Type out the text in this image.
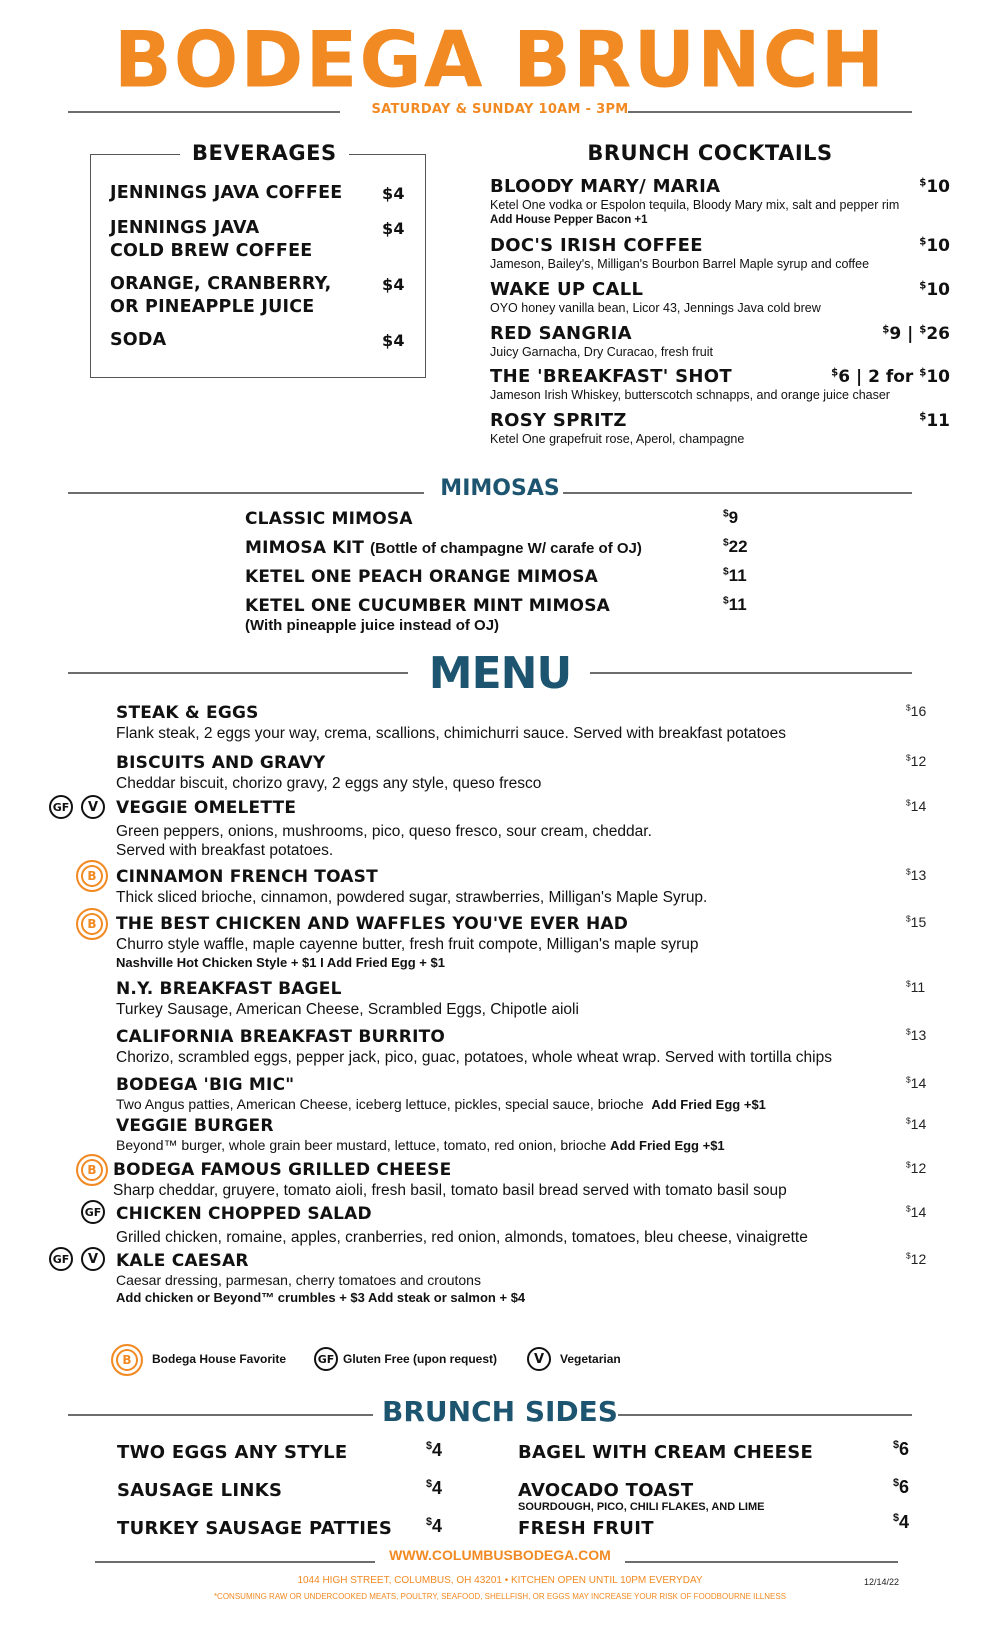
BODEGA BRUNCH
SATURDAY & SUNDAY 10AM - 3PM
BEVERAGES
JENNINGS JAVA COFFEE $4
JENNINGS JAVA COLD BREW COFFEE
$4
ORANGE, CRANBERRY, OR PINEAPPLE JUICE
$4
SODA	$4
BRUNCH COCKTAILS
BLOODY MARY/ MARIA	$10
Ketel One vodka or Espolon tequila, Bloody Mary mix, salt and pepper rim
Add House Pepper Bacon +1
DOC'S IRISH COFFEE	$10
Jameson, Bailey's, Milligan's Bourbon Barrel Maple syrup and coffee
WAKE UP CALL	$10
OYO honey vanilla bean, Licor 43, Jennings Java cold brew
RED SANGRIA	$9 | $26
Juicy Garnacha, Dry Curacao, fresh fruit
THE 'BREAKFAST' SHOT	$6 | 2 for $10
Jameson Irish Whiskey, butterscotch schnapps, and orange juice chaser
ROSY SPRITZ	$11
Ketel One grapefruit rose, Aperol, champagne
MIMOSAS
CLASSIC MIMOSA	$9
MIMOSA KIT (Bottle of champagne W/ carafe of OJ)	$22
KETEL ONE PEACH ORANGE MIMOSA	$11
KETEL ONE CUCUMBER MINT MIMOSA	$11
(With pineapple juice instead of OJ)
MENU
STEAK & EGGS	$16
Flank steak, 2 eggs your way, crema, scallions, chimichurri sauce. Served with breakfast potatoes
BISCUITS AND GRAVY	$12
Cheddar biscuit, chorizo gravy, 2 eggs any style, queso fresco
GF	V	VEGGIE OMELETTE	$14
Green peppers, onions, mushrooms, pico, queso fresco, sour cream, cheddar.
Served with breakfast potatoes.
B	CINNAMON FRENCH TOAST	$13
Thick sliced brioche, cinnamon, powdered sugar, strawberries, Milligan's Maple Syrup.
B	THE BEST CHICKEN AND WAFFLES YOU'VE EVER HAD	$15
Churro style waffle, maple cayenne butter, fresh fruit compote, Milligan's maple syrup
Nashville Hot Chicken Style + $1 I Add Fried Egg + $1
N.Y. BREAKFAST BAGEL	$11
Turkey Sausage, American Cheese, Scrambled Eggs, Chipotle aioli
CALIFORNIA BREAKFAST BURRITO	$13
Chorizo, scrambled eggs, pepper jack, pico, guac, potatoes, whole wheat wrap. Served with tortilla chips
BODEGA 'BIG MIC"	$14
Two Angus patties, American Cheese, iceberg lettuce, pickles, special sauce, brioche Add Fried Egg +$1
VEGGIE BURGER	$14
Beyond™ burger, whole grain beer mustard, lettuce, tomato, red onion, brioche Add Fried Egg +$1
B BODEGA FAMOUS GRILLED CHEESE	$12
Sharp cheddar, gruyere, tomato aioli, fresh basil, tomato basil bread served with tomato basil soup
GF CHICKEN CHOPPED SALAD	$14
Grilled chicken, romaine, apples, cranberries, red onion, almonds, tomatoes, bleu cheese, vinaigrette
GF	V	KALE CAESAR	$12
Caesar dressing, parmesan, cherry tomatoes and croutons
Add chicken or Beyond™ crumbles + $3 Add steak or salmon + $4
B	Bodega House Favorite	GF Gluten Free (upon request)	V	Vegetarian
BRUNCH SIDES
TWO EGGS ANY STYLE	$4
SAUSAGE LINKS	$4
TURKEY SAUSAGE PATTIES	$4
BAGEL WITH CREAM CHEESE	$6
AVOCADO TOAST	$6
SOURDOUGH, PICO, CHILI FLAKES, AND LIME
FRESH FRUIT	$4
WWW.COLUMBUSBODEGA.COM
1044 HIGH STREET, COLUMBUS, OH 43201 • KITCHEN OPEN UNTIL 10PM EVERYDAY
*CONSUMING RAW OR UNDERCOOKED MEATS, POULTRY, SEAFOOD, SHELLFISH, OR EGGS MAY INCREASE YOUR RISK OF FOODBOURNE ILLNESS
12/14/22
